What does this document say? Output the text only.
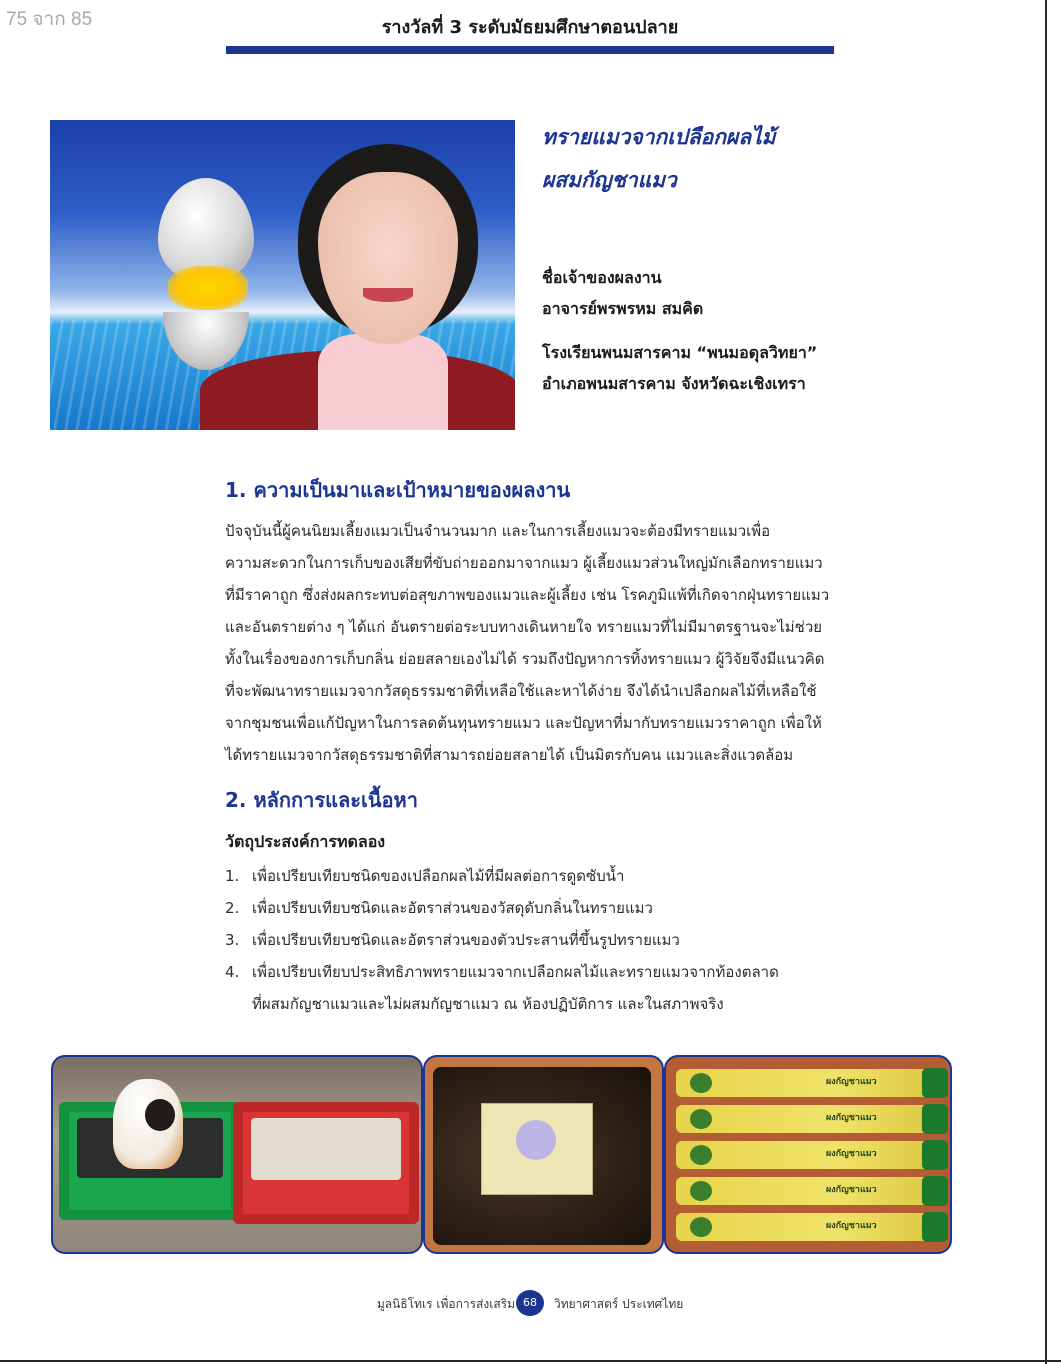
75 จาก 85	รางวัลที่ 3 ระดับมัธยมศึกษาตอนปลาย
ทรายแมวจากเปลือกผลไม้
ผสมกัญชาแมว
ชื่อเจ้าของผลงาน
อาจารย์พรพรหม สมคิด
โรงเรียนพนมสารคาม “พนมอดุลวิทยา”
อำเภอพนมสารคาม จังหวัดฉะเชิงเทรา
1. ความเป็นมาและเป้าหมายของผลงาน
ปัจจุบันนี้ผู้คนนิยมเลี้ยงแมวเป็นจำนวนมาก และในการเลี้ยงแมวจะต้องมีทรายแมวเพื่อ
ความสะดวกในการเก็บของเสียที่ขับถ่ายออกมาจากแมว ผู้เลี้ยงแมวส่วนใหญ่มักเลือกทรายแมว
ที่มีราคาถูก ซึ่งส่งผลกระทบต่อสุขภาพของแมวและผู้เลี้ยง เช่น โรคภูมิแพ้ที่เกิดจากฝุ่นทรายแมว
และอันตรายต่าง ๆ ได้แก่ อันตรายต่อระบบทางเดินหายใจ ทรายแมวที่ไม่มีมาตรฐานจะไม่ช่วย
ทั้งในเรื่องของการเก็บกลิ่น ย่อยสลายเองไม่ได้ รวมถึงปัญหาการทิ้งทรายแมว ผู้วิจัยจึงมีแนวคิด
ที่จะพัฒนาทรายแมวจากวัสดุธรรมชาติที่เหลือใช้และหาได้ง่าย จึงได้นำเปลือกผลไม้ที่เหลือใช้
จากชุมชนเพื่อแก้ปัญหาในการลดต้นทุนทรายแมว และปัญหาที่มากับทรายแมวราคาถูก เพื่อให้
ได้ทรายแมวจากวัสดุธรรมชาติที่สามารถย่อยสลายได้ เป็นมิตรกับคน แมวและสิ่งแวดล้อม
2. หลักการและเนื้อหา
วัตถุประสงค์การทดลอง
1. เพื่อเปรียบเทียบชนิดของเปลือกผลไม้ที่มีผลต่อการดูดซับน้ำ
2. เพื่อเปรียบเทียบชนิดและอัตราส่วนของวัสดุดับกลิ่นในทรายแมว
3. เพื่อเปรียบเทียบชนิดและอัตราส่วนของตัวประสานที่ขึ้นรูปทรายแมว
4. เพื่อเปรียบเทียบประสิทธิภาพทรายแมวจากเปลือกผลไม้และทรายแมวจากท้องตลาด
ที่ผสมกัญชาแมวและไม่ผสมกัญชาแมว ณ ห้องปฏิบัติการ และในสภาพจริง
ผงกัญชาแมว
ผงกัญชาแมว
ผงกัญชาแมว
ผงกัญชาแมว
ผงกัญชาแมว
มูลนิธิโทเร เพื่อการส่งเสริม 68	วิทยาศาสตร์ ประเทศไทย
